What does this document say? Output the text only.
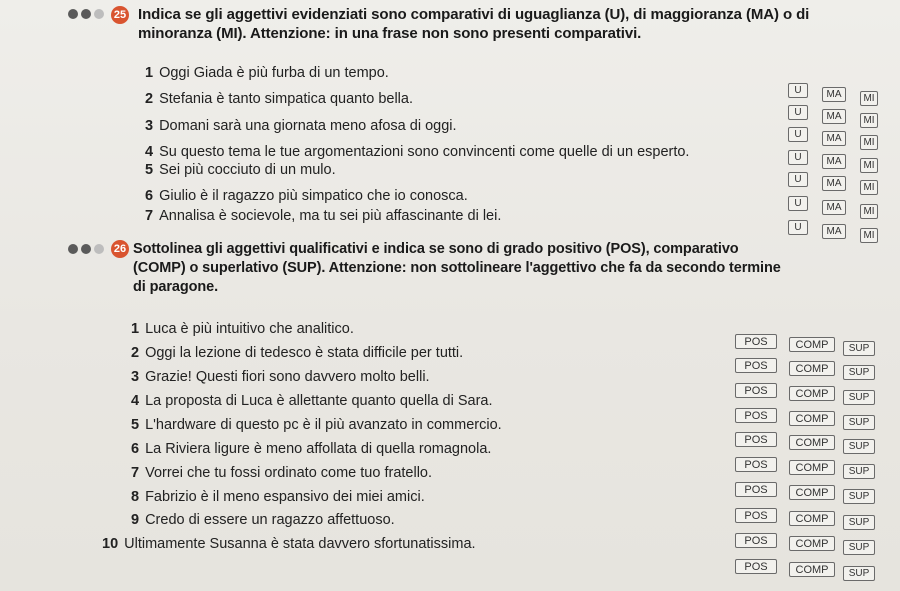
25 Indica se gli aggettivi evidenziati sono comparativi di uguaglianza (U), di maggioranza (MA) o di
minoranza (MI). Attenzione: in una frase non sono presenti comparativi.
1 Oggi Giada è più furba di un tempo.
2 Stefania è tanto simpatica quanto bella.
3 Domani sarà una giornata meno afosa di oggi.
4 Su questo tema le tue argomentazioni sono convincenti come quelle di un esperto.
5 Sei più cocciuto di un mulo.
6 Giulio è il ragazzo più simpatico che io conosca.
7 Annalisa è socievole, ma tu sei più affascinante di lei.
U	MA	MI
U	MA	MI
U	MA	MI
U	MA	MI
U	MA	MI
U	MA	MI
U	MA	MI
26 Sottolinea gli aggettivi qualificativi e indica se sono di grado positivo (POS), comparativo
(COMP) o superlativo (SUP). Attenzione: non sottolineare l'aggettivo che fa da secondo termine
di paragone.
1 Luca è più intuitivo che analitico.
2 Oggi la lezione di tedesco è stata difficile per tutti.
3 Grazie! Questi fiori sono davvero molto belli.
4 La proposta di Luca è allettante quanto quella di Sara.
5 L'hardware di questo pc è il più avanzato in commercio.
6 La Riviera ligure è meno affollata di quella romagnola.
7 Vorrei che tu fossi ordinato come tuo fratello.
8 Fabrizio è il meno espansivo dei miei amici.
9 Credo di essere un ragazzo affettuoso.
10 Ultimamente Susanna è stata davvero sfortunatissima.
POS	COMP	SUP
POS	COMP	SUP
POS	COMP	SUP
POS	COMP	SUP
POS	COMP	SUP
POS	COMP	SUP
POS	COMP	SUP
POS	COMP	SUP
POS	COMP	SUP
POS	COMP	SUP
